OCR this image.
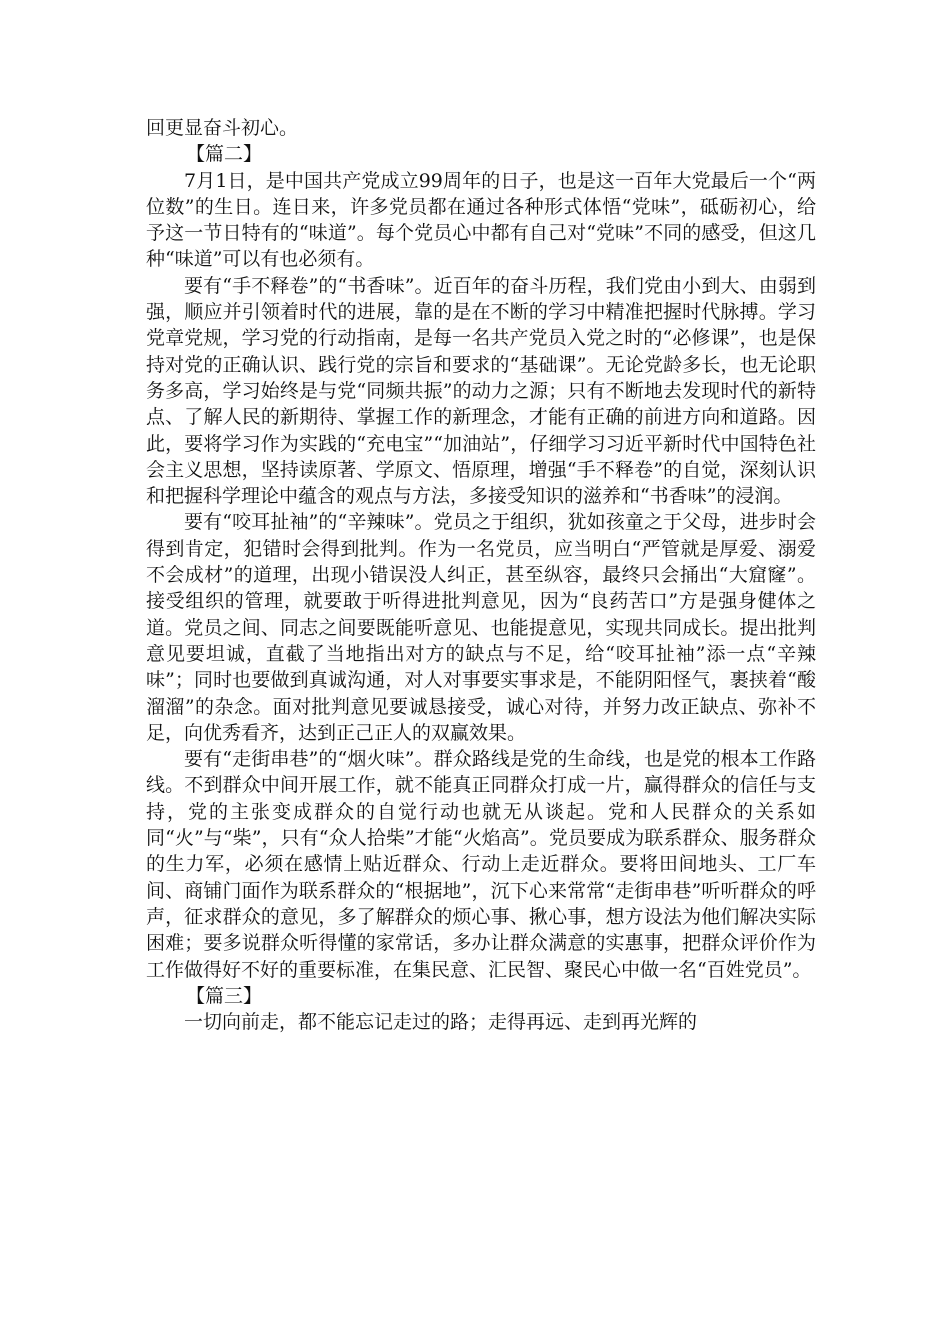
回更显奋斗初心。

【篇二】

7月1日，是中国共产党成立99周年的日子，也是这一百年大党最后一个“两位数”的生日。连日来，许多党员都在通过各种形式体悟“党味”，砥砺初心，给予这一节日特有的“味道”。每个党员心中都有自己对“党味”不同的感受，但这几种“味道”可以有也必须有。

要有“手不释卷”的“书香味”。近百年的奋斗历程，我们党由小到大、由弱到强，顺应并引领着时代的进展，靠的是在不断的学习中精准把握时代脉搏。学习党章党规，学习党的行动指南，是每一名共产党员入党之时的“必修课”，也是保持对党的正确认识、践行党的宗旨和要求的“基础课”。无论党龄多长，也无论职务多高，学习始终是与党“同频共振”的动力之源；只有不断地去发现时代的新特点、了解人民的新期待、掌握工作的新理念，才能有正确的前进方向和道路。因此，要将学习作为实践的“充电宝”“加油站”，仔细学习习近平新时代中国特色社会主义思想，坚持读原著、学原文、悟原理，增强“手不释卷”的自觉，深刻认识和把握科学理论中蕴含的观点与方法，多接受知识的滋养和“书香味”的浸润。

要有“咬耳扯袖”的“辛辣味”。党员之于组织，犹如孩童之于父母，进步时会得到肯定，犯错时会得到批判。作为一名党员，应当明白“严管就是厚爱、溺爱不会成材”的道理，出现小错误没人纠正，甚至纵容，最终只会捅出“大窟窿”。接受组织的管理，就要敢于听得进批判意见，因为“良药苦口”方是强身健体之道。党员之间、同志之间要既能听意见、也能提意见，实现共同成长。提出批判意见要坦诚，直截了当地指出对方的缺点与不足，给“咬耳扯袖”添一点“辛辣味”；同时也要做到真诚沟通，对人对事要实事求是，不能阴阳怪气，裹挟着“酸溜溜”的杂念。面对批判意见要诚恳接受，诚心对待，并努力改正缺点、弥补不足，向优秀看齐，达到正己正人的双赢效果。

要有“走街串巷”的“烟火味”。群众路线是党的生命线，也是党的根本工作路线。不到群众中间开展工作，就不能真正同群众打成一片，赢得群众的信任与支持，党的主张变成群众的自觉行动也就无从谈起。党和人民群众的关系如同“火”与“柴”，只有“众人拾柴”才能“火焰高”。党员要成为联系群众、服务群众的生力军，必须在感情上贴近群众、行动上走近群众。要将田间地头、工厂车间、商铺门面作为联系群众的“根据地”，沉下心来常常“走街串巷”听听群众的呼声，征求群众的意见，多了解群众的烦心事、揪心事，想方设法为他们解决实际困难；要多说群众听得懂的家常话，多办让群众满意的实惠事，把群众评价作为工作做得好不好的重要标准，在集民意、汇民智、聚民心中做一名“百姓党员”。

【篇三】

一切向前走，都不能忘记走过的路；走得再远、走到再光辉的
